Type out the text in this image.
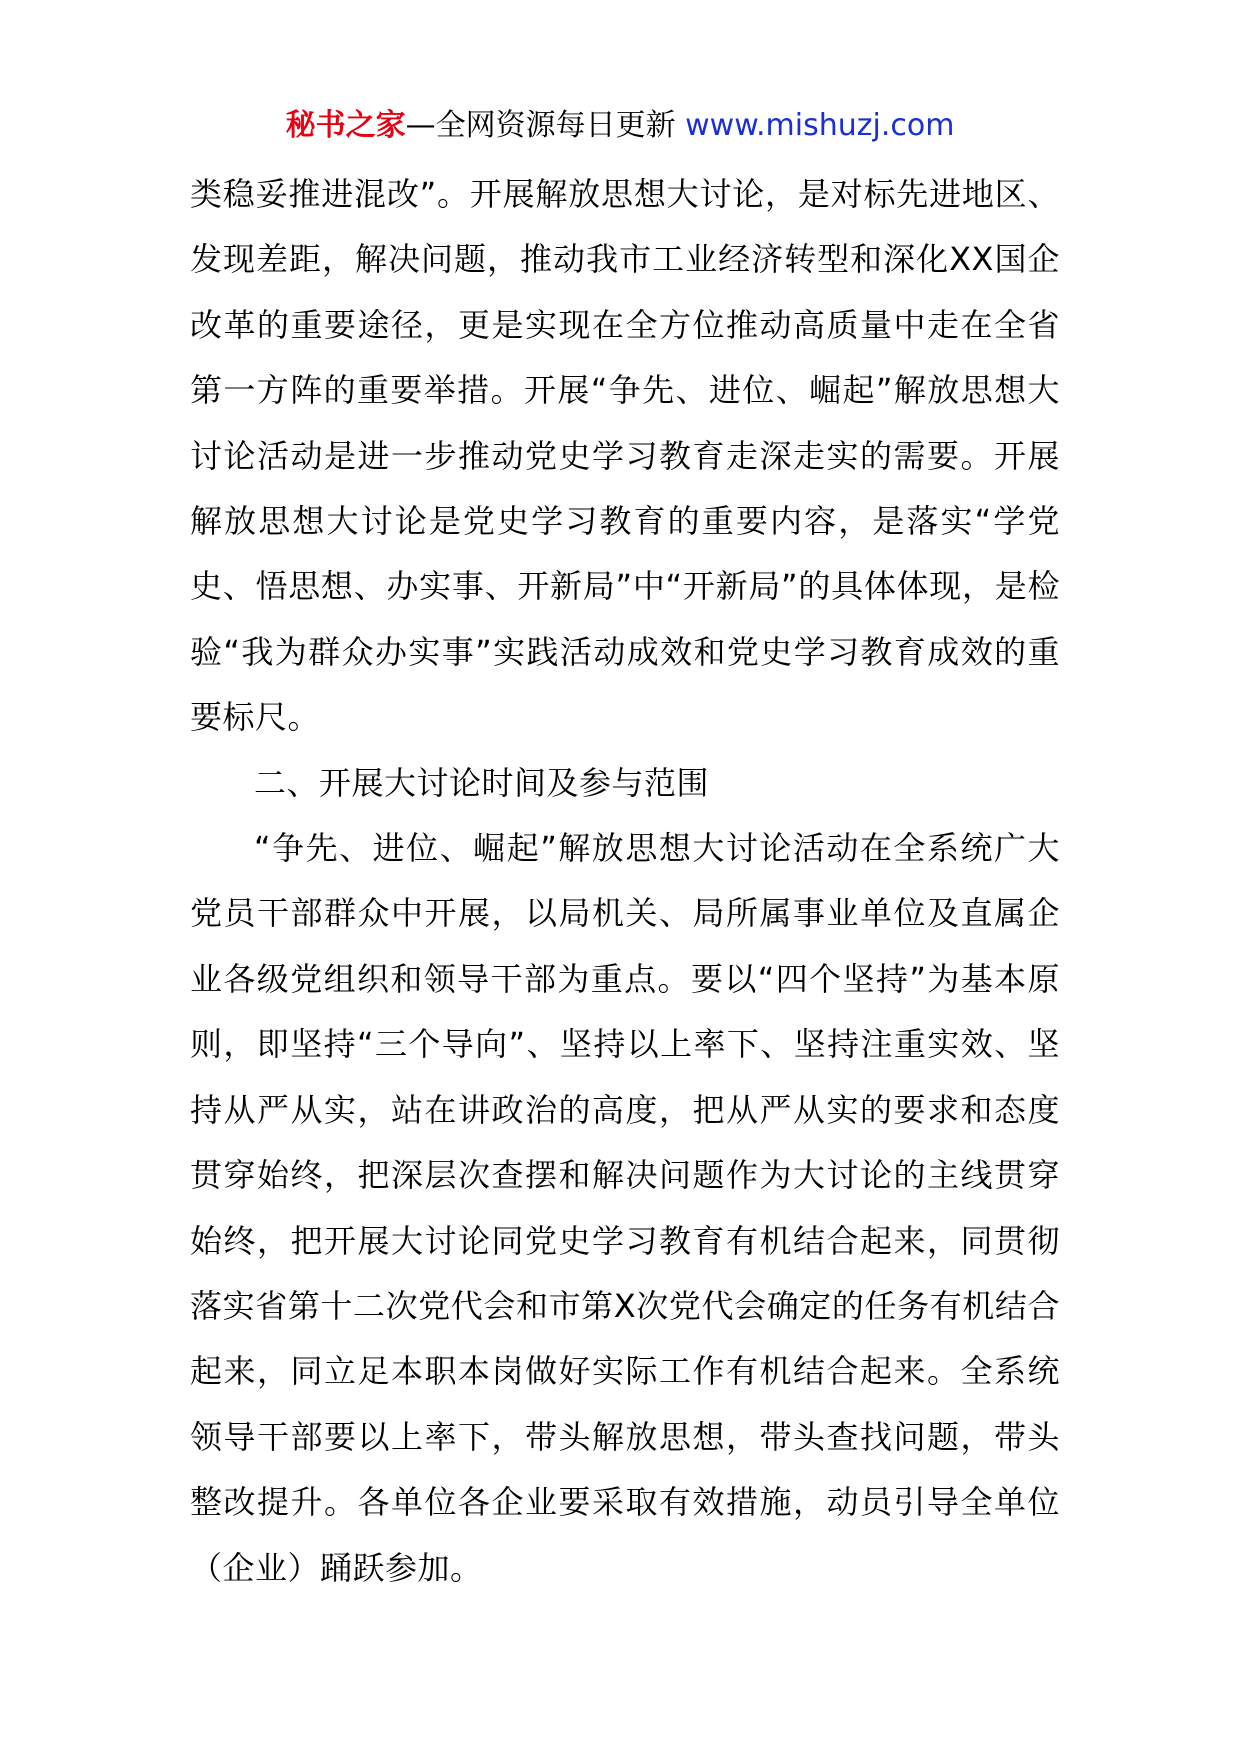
秘书之家—全网资源每日更新 www.mishuzj.com

类稳妥推进混改”。开展解放思想大讨论，是对标先进地区、发现差距，解决问题，推动我市工业经济转型和深化XX国企改革的重要途径，更是实现在全方位推动高质量中走在全省第一方阵的重要举措。开展“争先、进位、崛起”解放思想大讨论活动是进一步推动党史学习教育走深走实的需要。开展解放思想大讨论是党史学习教育的重要内容，是落实“学党史、悟思想、办实事、开新局”中“开新局”的具体体现，是检验“我为群众办实事”实践活动成效和党史学习教育成效的重要标尺。

二、开展大讨论时间及参与范围

“争先、进位、崛起”解放思想大讨论活动在全系统广大党员干部群众中开展，以局机关、局所属事业单位及直属企业各级党组织和领导干部为重点。要以“四个坚持”为基本原则，即坚持“三个导向”、坚持以上率下、坚持注重实效、坚持从严从实，站在讲政治的高度，把从严从实的要求和态度贯穿始终，把深层次查摆和解决问题作为大讨论的主线贯穿始终，把开展大讨论同党史学习教育有机结合起来，同贯彻落实省第十二次党代会和市第X次党代会确定的任务有机结合起来，同立足本职本岗做好实际工作有机结合起来。全系统领导干部要以上率下，带头解放思想，带头查找问题，带头整改提升。各单位各企业要采取有效措施，动员引导全单位（企业）踊跃参加。
